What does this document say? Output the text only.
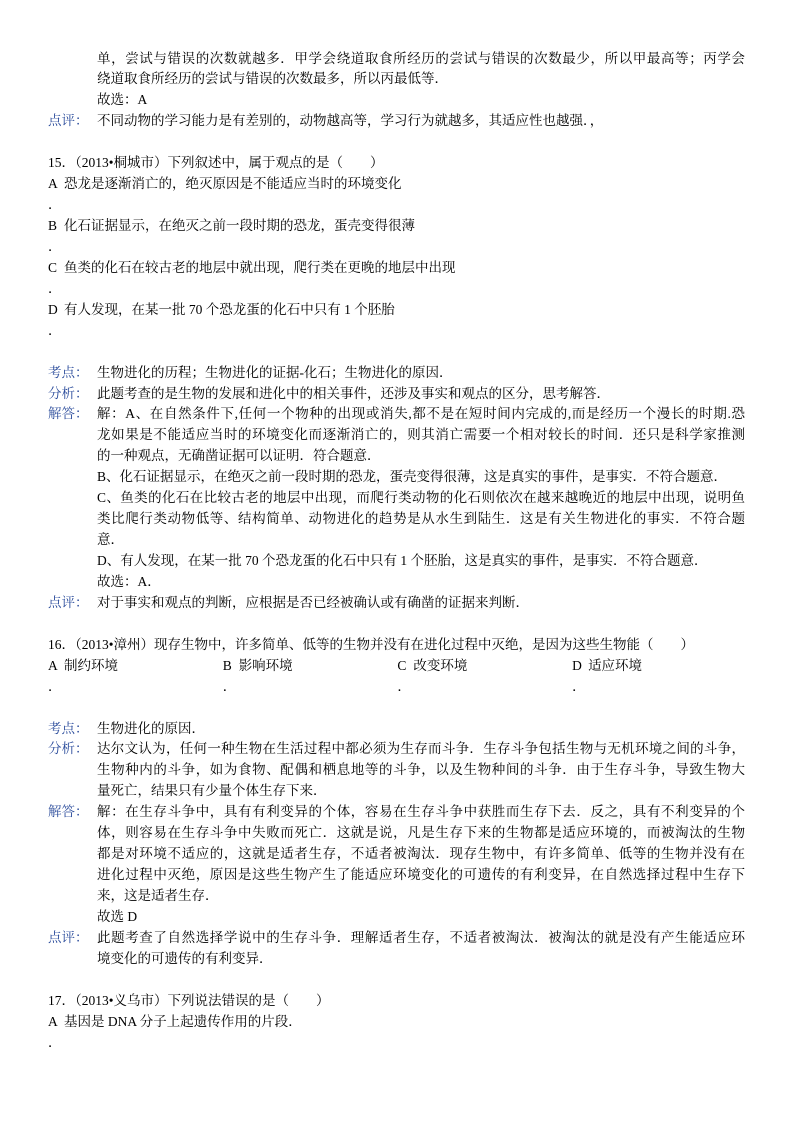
单，尝试与错误的次数就越多．甲学会绕道取食所经历的尝试与错误的次数最少，所以甲最高等；丙学会
绕道取食所经历的尝试与错误的次数最多，所以丙最低等．
故选：A
点评： 不同动物的学习能力是有差别的，动物越高等，学习行为就越多，其适应性也越强．，
15．（2013•桐城市）下列叙述中，属于观点的是（　　）
A 恐龙是逐渐消亡的，绝灭原因是不能适应当时的环境变化
．
B 化石证据显示，在绝灭之前一段时期的恐龙，蛋壳变得很薄
．
C 鱼类的化石在较古老的地层中就出现，爬行类在更晚的地层中出现
．
D 有人发现，在某一批 70 个恐龙蛋的化石中只有 1 个胚胎
．
考点： 生物进化的历程；生物进化的证据-化石；生物进化的原因．
分析： 此题考查的是生物的发展和进化中的相关事件，还涉及事实和观点的区分，思考解答．
解答： 解：A、在自然条件下,任何一个物种的出现或消失,都不是在短时间内完成的,而是经历一个漫长的时期.恐
龙如果是不能适应当时的环境变化而逐渐消亡的，则其消亡需要一个相对较长的时间．还只是科学家推测
的一种观点，无确凿证据可以证明．符合题意．
B、化石证据显示，在绝灭之前一段时期的恐龙，蛋壳变得很薄，这是真实的事件，是事实．不符合题意．
C、鱼类的化石在比较古老的地层中出现，而爬行类动物的化石则依次在越来越晚近的地层中出现，说明鱼
类比爬行类动物低等、结构简单、动物进化的趋势是从水生到陆生．这是有关生物进化的事实．不符合题
意．
D、有人发现，在某一批 70 个恐龙蛋的化石中只有 1 个胚胎，这是真实的事件，是事实．不符合题意．
故选：A．
点评： 对于事实和观点的判断，应根据是否已经被确认或有确凿的证据来判断．
16．（2013•漳州）现存生物中，许多简单、低等的生物并没有在进化过程中灭绝，是因为这些生物能（　　）
A 制约环境	B 影响环境	C 改变环境	D 适应环境
．	．	．	．
考点： 生物进化的原因．
分析： 达尔文认为，任何一种生物在生活过程中都必须为生存而斗争．生存斗争包括生物与无机环境之间的斗争，
生物种内的斗争，如为食物、配偶和栖息地等的斗争，以及生物种间的斗争．由于生存斗争，导致生物大
量死亡，结果只有少量个体生存下来．
解答： 解：在生存斗争中，具有有利变异的个体，容易在生存斗争中获胜而生存下去．反之，具有不利变异的个
体，则容易在生存斗争中失败而死亡．这就是说，凡是生存下来的生物都是适应环境的，而被淘汰的生物
都是对环境不适应的，这就是适者生存，不适者被淘汰．现存生物中，有许多简单、低等的生物并没有在
进化过程中灭绝，原因是这些生物产生了能适应环境变化的可遗传的有利变异，在自然选择过程中生存下
来，这是适者生存．
故选 D
点评： 此题考查了自然选择学说中的生存斗争．理解适者生存，不适者被淘汰．被淘汰的就是没有产生能适应环
境变化的可遗传的有利变异．
17．（2013•义乌市）下列说法错误的是（　　）
A 基因是 DNA 分子上起遗传作用的片段．
．
